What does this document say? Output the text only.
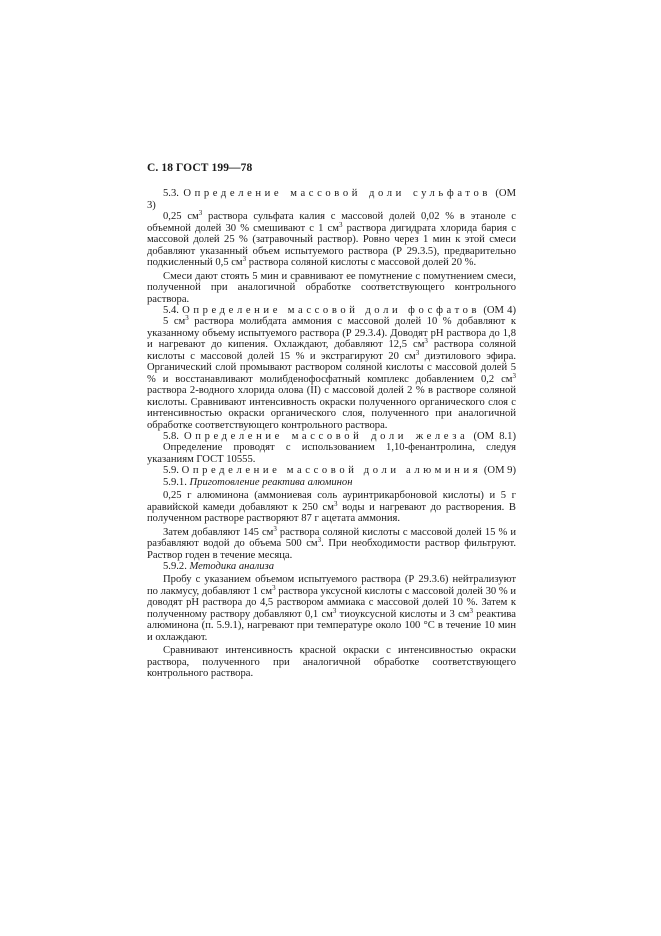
С. 18 ГОСТ 199—78

5.3. Определение массовой доли сульфатов (ОМ 3)

0,25 $см^3$ раствора сульфата калия с массовой долей 0,02 % в этаноле с объемной долей 30 % смешивают с 1 $см^3$ раствора дигидрата хлорида бария с массовой долей 25 % (затравочный раствор). Ровно через 1 мин к этой смеси добавляют указанный объем испытуемого раствора (Р 29.3.5), предварительно подкисленный 0,5 $см^3$ раствора соляной кислоты с массовой долей 20 %.

Смеси дают стоять 5 мин и сравнивают ее помутнение с помутнением смеси, полученной при аналогичной обработке соответствующего контрольного раствора.

5.4. Определение массовой доли фосфатов (ОМ 4)

5 $см^3$ раствора молибдата аммония с массовой долей 10 % добавляют к указанному объему испытуемого раствора (Р 29.3.4). Доводят pH раствора до 1,8 и нагревают до кипения. Охлаждают, добавляют 12,5 $см^3$ раствора соляной кислоты с массовой долей 15 % и экстрагируют 20 $см^3$ диэтилового эфира. Органический слой промывают раствором соляной кислоты с массовой долей 5 % и восстанавливают молибденофосфатный комплекс добавлением 0,2 $см^3$ раствора 2-водного хлорида олова (II) с массовой долей 2 % в растворе соляной кислоты. Сравнивают интенсивность окраски полученного органического слоя с интенсивностью окраски органического слоя, полученного при аналогичной обработке соответствующего контрольного раствора.

5.8. Определение массовой доли железа (ОМ 8.1)

Определение проводят с использованием 1,10-фенантролина, следуя указаниям ГОСТ 10555.

5.9. Определение массовой доли алюминия (ОМ 9)

5.9.1. Приготовление реактива алюминон

0,25 г алюминона (аммониевая соль ауринтрикарбоновой кислоты) и 5 г аравийской камеди добавляют к 250 $см^3$ воды и нагревают до растворения. В полученном растворе растворяют 87 г ацетата аммония.

Затем добавляют 145 $см^3$ раствора соляной кислоты с массовой долей 15 % и разбавляют водой до объема 500 $см^3$. При необходимости раствор фильтруют. Раствор годен в течение месяца.

5.9.2. Методика анализа

Пробу с указанием объемом испытуемого раствора (Р 29.3.6) нейтрализуют по лакмусу, добавляют 1 $см^3$ раствора уксусной кислоты с массовой долей 30 % и доводят pH раствора до 4,5 раствором аммиака с массовой долей 10 %. Затем к полученному раствору добавляют 0,1 $см^3$ тиоуксусной кислоты и 3 $см^3$ реактива алюминона (п. 5.9.1), нагревают при температуре около 100 °С в течение 10 мин и охлаждают.

Сравнивают интенсивность красной окраски с интенсивностью окраски раствора, полученного при аналогичной обработке соответствующего контрольного раствора.
